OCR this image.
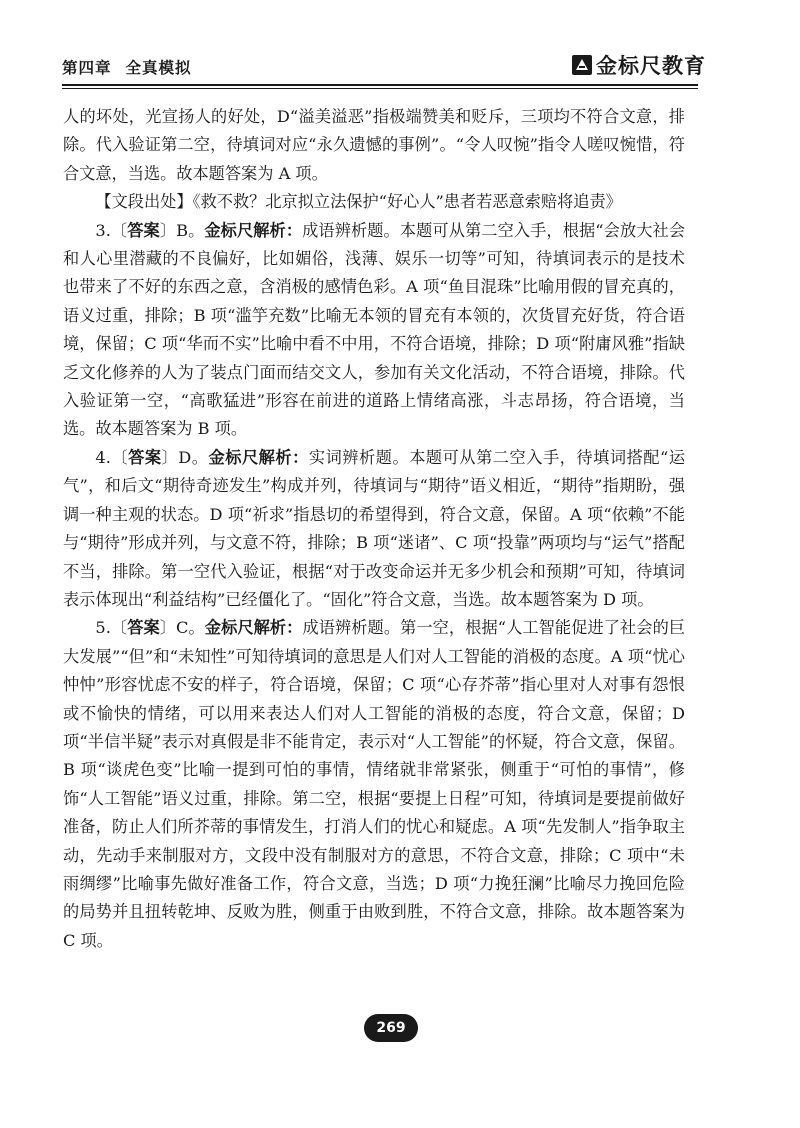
第四章 全真模拟	金标尺教育

人的坏处，光宣扬人的好处，D“溢美溢恶”指极端赞美和贬斥，三项均不符合文意，排除。代入验证第二空，待填词对应“永久遗憾的事例”。“令人叹惋”指令人嗟叹惋惜，符合文意，当选。故本题答案为 A 项。

【文段出处】《救不救？北京拟立法保护“好心人”患者若恶意索赔将追责》

3.〔答案〕B。金标尺解析：成语辨析题。本题可从第二空入手，根据“会放大社会和人心里潜藏的不良偏好，比如媚俗，浅薄、娱乐一切等”可知，待填词表示的是技术也带来了不好的东西之意，含消极的感情色彩。A 项“鱼目混珠”比喻用假的冒充真的，语义过重，排除；B 项“滥竽充数”比喻无本领的冒充有本领的，次货冒充好货，符合语境，保留；C 项“华而不实”比喻中看不中用，不符合语境，排除；D 项“附庸风雅”指缺乏文化修养的人为了装点门面而结交文人，参加有关文化活动，不符合语境，排除。代入验证第一空，“高歌猛进”形容在前进的道路上情绪高涨，斗志昂扬，符合语境，当选。故本题答案为 B 项。

4.〔答案〕D。金标尺解析：实词辨析题。本题可从第二空入手，待填词搭配“运气”，和后文“期待奇迹发生”构成并列，待填词与“期待”语义相近，“期待”指期盼，强调一种主观的状态。D 项“祈求”指恳切的希望得到，符合文意，保留。A 项“依赖”不能与“期待”形成并列，与文意不符，排除；B 项“迷诸”、C 项“投靠”两项均与“运气”搭配不当，排除。第一空代入验证，根据“对于改变命运并无多少机会和预期”可知，待填词表示体现出“利益结构”已经僵化了。“固化”符合文意，当选。故本题答案为 D 项。

5.〔答案〕C。金标尺解析：成语辨析题。第一空，根据“人工智能促进了社会的巨大发展”“但”和“未知性”可知待填词的意思是人们对人工智能的消极的态度。A 项“忧心忡忡”形容忧虑不安的样子，符合语境，保留；C 项“心存芥蒂”指心里对人对事有怨恨或不愉快的情绪，可以用来表达人们对人工智能的消极的态度，符合文意，保留；D 项“半信半疑”表示对真假是非不能肯定，表示对“人工智能”的怀疑，符合文意，保留。B 项“谈虎色变”比喻一提到可怕的事情，情绪就非常紧张，侧重于“可怕的事情”，修饰“人工智能”语义过重，排除。第二空，根据“要提上日程”可知，待填词是要提前做好准备，防止人们所芥蒂的事情发生，打消人们的忧心和疑虑。A 项“先发制人”指争取主动，先动手来制服对方，文段中没有制服对方的意思，不符合文意，排除；C 项中“未雨绸缪”比喻事先做好准备工作，符合文意，当选；D 项“力挽狂澜”比喻尽力挽回危险的局势并且扭转乾坤、反败为胜，侧重于由败到胜，不符合文意，排除。故本题答案为 C 项。

269
